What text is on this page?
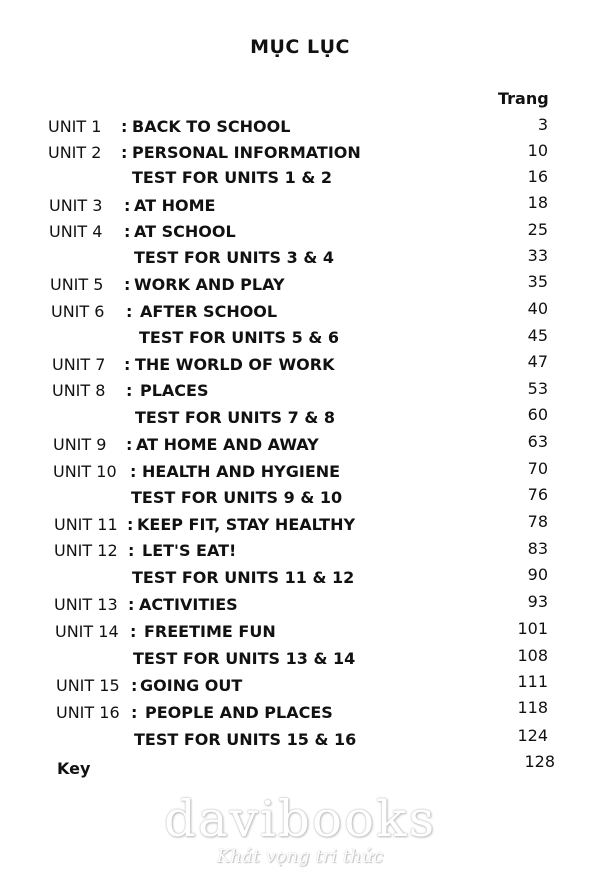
MỤC LỤC
Trang
UNIT 1 : BACK TO SCHOOL	3
UNIT 2 : PERSONAL INFORMATION	10
TEST FOR UNITS 1 & 2	16
UNIT 3 : AT HOME	18
UNIT 4 : AT SCHOOL	25
TEST FOR UNITS 3 & 4	33
UNIT 5 : WORK AND PLAY	35
UNIT 6 : AFTER SCHOOL	40
TEST FOR UNITS 5 & 6	45
UNIT 7 : THE WORLD OF WORK	47
UNIT 8 : PLACES	53
TEST FOR UNITS 7 & 8	60
UNIT 9 : AT HOME AND AWAY	63
UNIT 10 : HEALTH AND HYGIENE	70
TEST FOR UNITS 9 & 10	76
UNIT 11 : KEEP FIT, STAY HEALTHY	78
UNIT 12 : LET'S EAT!	83
TEST FOR UNITS 11 & 12	90
UNIT 13 : ACTIVITIES	93
UNIT 14 : FREETIME FUN	101
TEST FOR UNITS 13 & 14	108
UNIT 15 : GOING OUT	111
UNIT 16 : PEOPLE AND PLACES	118
TEST FOR UNITS 15 & 16	124
Key	128
davibooks
Khát vọng tri thức
